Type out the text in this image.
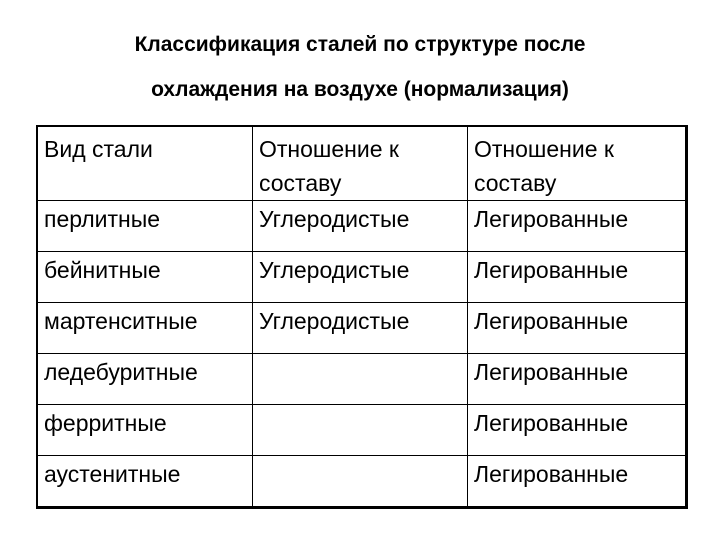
Классификация сталей по структуре после
охлаждения на воздухе (нормализация)
Вид стали	Отношение к составу	Отношение к составу

перлитные	Углеродистые	Легированные
бейнитные	Углеродистые	Легированные
мартенситные	Углеродистые	Легированные
ледебуритные		Легированные
ферритные		Легированные
аустенитные		Легированные
